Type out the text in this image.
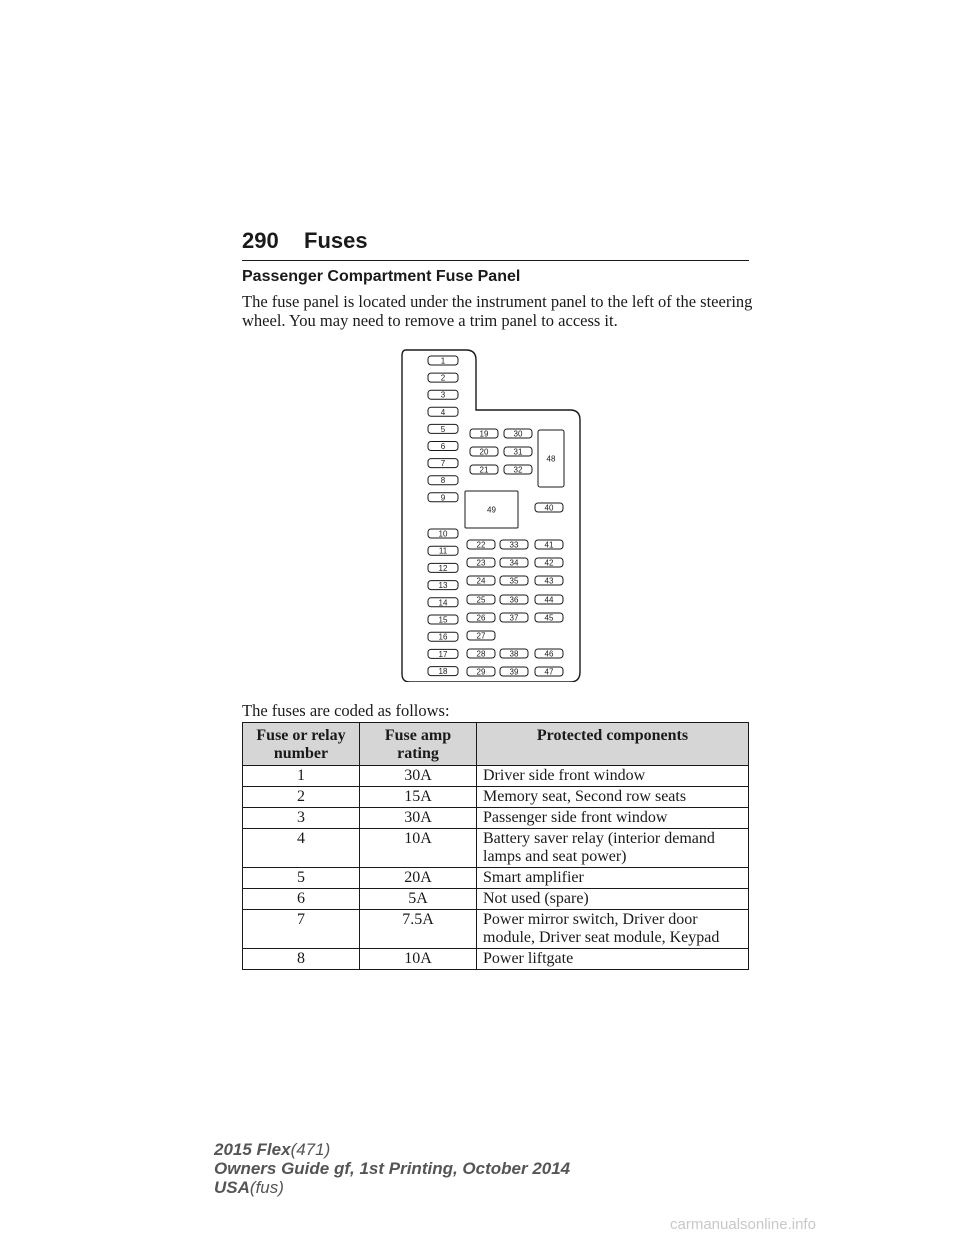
290 Fuses
Passenger Compartment Fuse Panel

The fuse panel is located under the instrument panel to the left of the steering wheel. You may need to remove a trim panel to access it.

1
2
3
4
5
6
7
8
9
10
11
12
13
14
15
16
17
18
19
20
21
30
31
32
48
49	40
22
23
24
25
26
27
28
29
33
34
35
36
37
38
39
41
42
43
44
45
46
47

The fuses are coded as follows:

Fuse or relay number	Fuse amp rating	Protected components
1	30A	Driver side front window
2	15A	Memory seat, Second row seats
3	30A	Passenger side front window
4	10A	Battery saver relay (interior demand lamps and seat power)
5	20A	Smart amplifier
6	5A	Not used (spare)
7	7.5A	Power mirror switch, Driver door module, Driver seat module, Keypad
8	10A	Power liftgate
2015 Flex(471)
Owners Guide gf, 1st Printing, October 2014
USA(fus)
carmanualsonline.info
